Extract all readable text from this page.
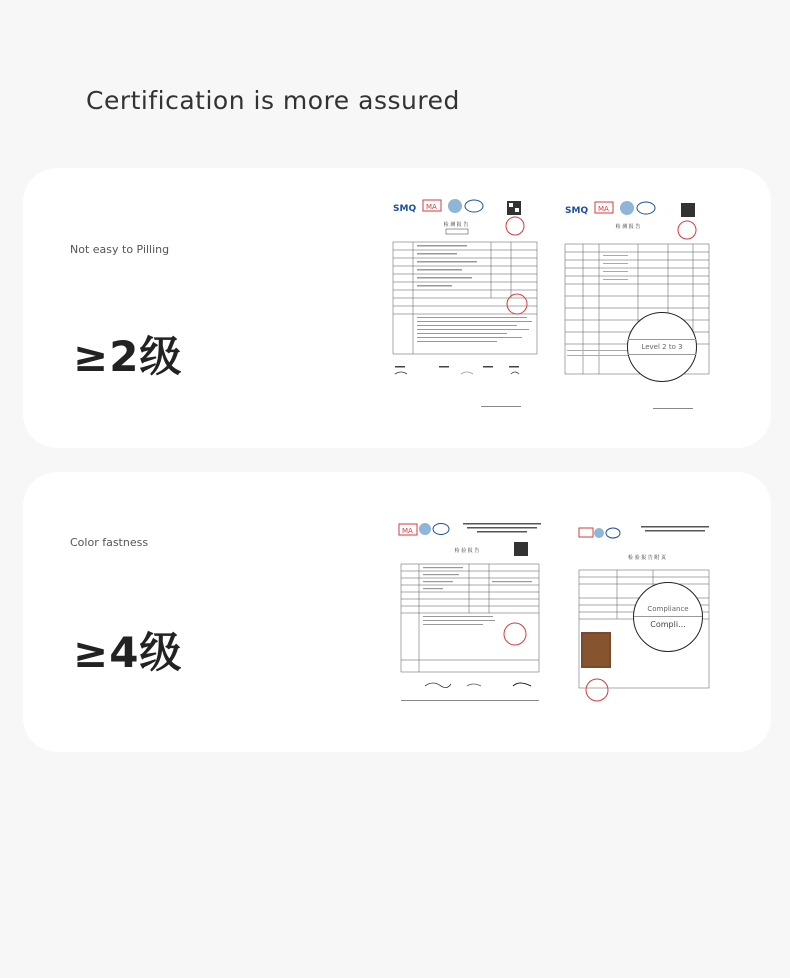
Certification is more assured
Not easy to Pilling
≥2级
SMQ MA
检 测 报 告
SMQ MA
检 测 报 告
Level 2 to 3
Color fastness
≥4级
MA
检 验 报 告
检 验 报 告 附 页
Compliance
Compli...
